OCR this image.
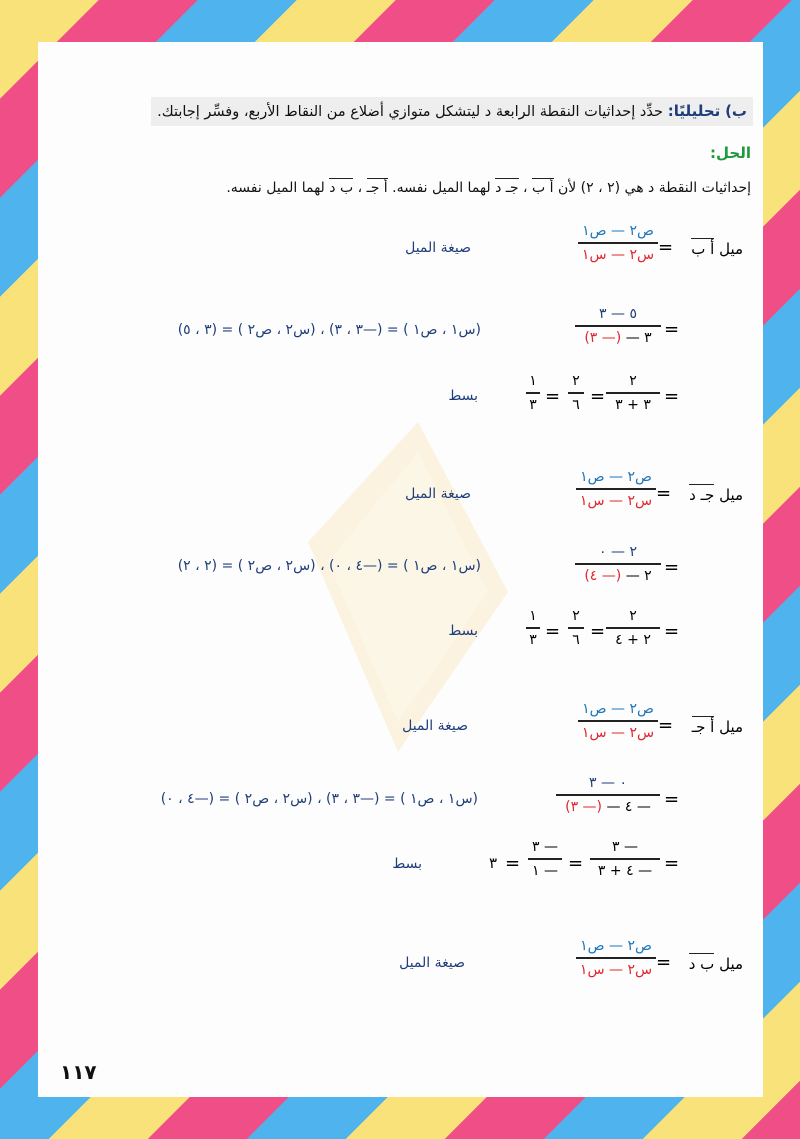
ب) تحليليًا: حدِّد إحداثيات النقطة الرابعة د ليتشكل متوازي أضلاع من النقاط الأربع، وفسِّر إجابتك.
الحل:
إحداثيات النقطة د هي (٢ ، ٢) لأن أ ب ، جـ د لهما الميل نفسه. أ جـ ، ب د لهما الميل نفسه.
ميل أ ب
=
ص٢ — ص١
س٢ — س١
صيغة الميل
=
٥ — ٣
٣ — (— ٣)
(س١ ، ص١ ) = (—٣ ، ٣) ، (س٢ ، ص٢ ) = (٣ ، ٥)
=
٢
٣ + ٣
=
٢
٦
=
١
٣
بسط
ميل جـ د
=
ص٢ — ص١
س٢ — س١
صيغة الميل
=
٢ — ٠
٢ — (— ٤)
(س١ ، ص١ ) = (—٤ ، ٠) ، (س٢ ، ص٢ ) = (٢ ، ٢)
=
٢
٢ + ٤
=
٢
٦
=
١
٣
بسط
ميل أ جـ
=
ص٢ — ص١
س٢ — س١
صيغة الميل
=
٠ — ٣
— ٤ — (— ٣)
(س١ ، ص١ ) = (—٣ ، ٣) ، (س٢ ، ص٢ ) = (—٤ ، ٠)
=
— ٣
— ٤ + ٣
=
— ٣
— ١
=
٣
بسط
ميل ب د
=
ص٢ — ص١
س٢ — س١
صيغة الميل
١١٧
